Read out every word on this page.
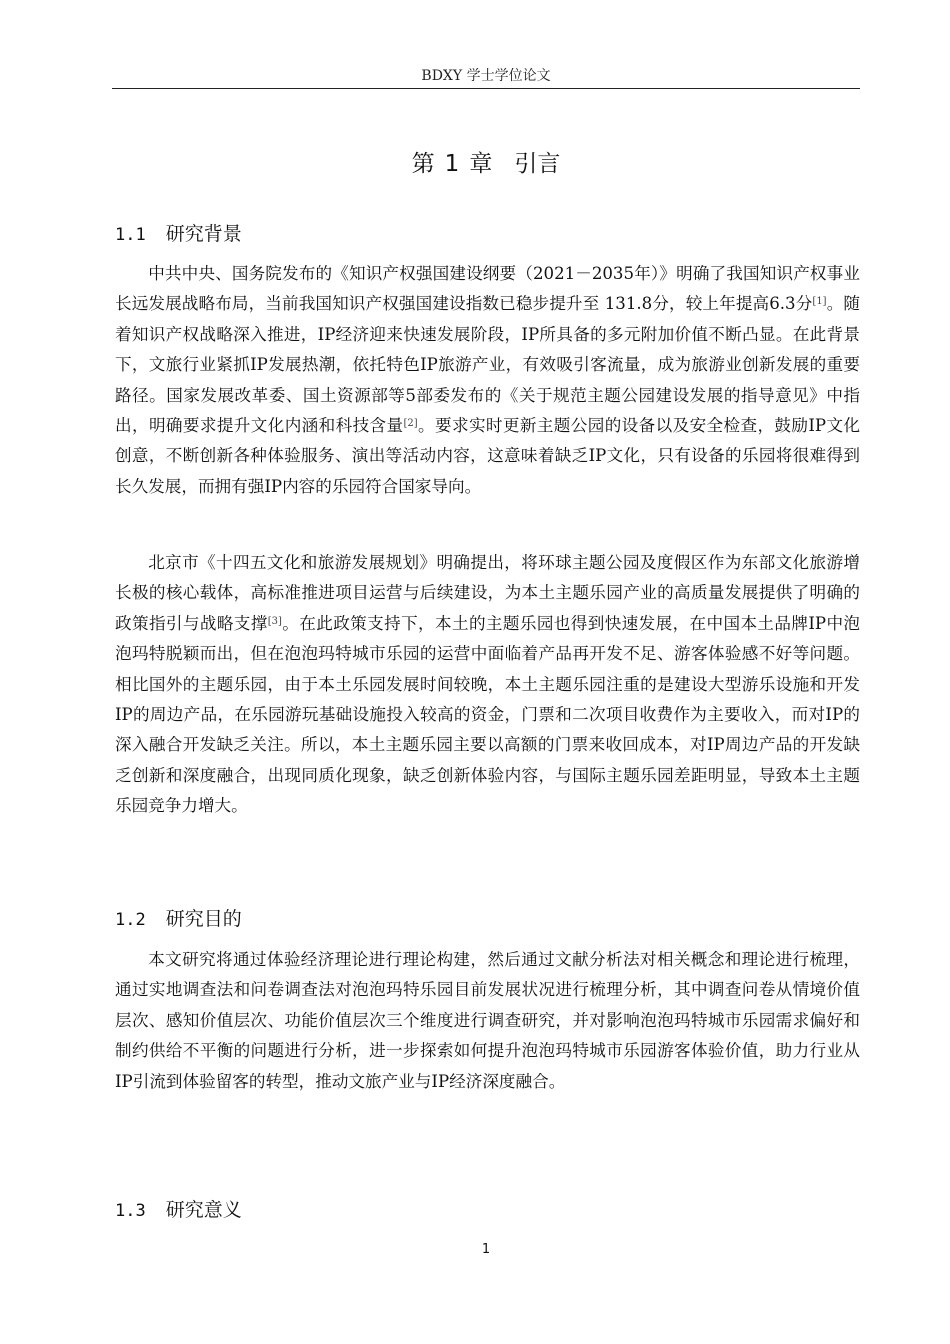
BDXY 学士学位论文
第 1 章 引言
1.1 研究背景

中共中央、国务院发布的《知识产权强国建设纲要（2021－2035年）》明确了我国知识产权事业长远发展战略布局，当前我国知识产权强国建设指数已稳步提升至 131.8分，较上年提高6.3分[1]。随着知识产权战略深入推进，IP经济迎来快速发展阶段，IP所具备的多元附加价值不断凸显。在此背景下，文旅行业紧抓IP发展热潮，依托特色IP旅游产业，有效吸引客流量，成为旅游业创新发展的重要路径。国家发展改革委、国土资源部等5部委发布的《关于规范主题公园建设发展的指导意见》中指出，明确要求提升文化内涵和科技含量[2]。要求实时更新主题公园的设备以及安全检查，鼓励IP文化创意，不断创新各种体验服务、演出等活动内容，这意味着缺乏IP文化，只有设备的乐园将很难得到长久发展，而拥有强IP内容的乐园符合国家导向。

北京市《十四五文化和旅游发展规划》明确提出，将环球主题公园及度假区作为东部文化旅游增长极的核心载体，高标准推进项目运营与后续建设，为本土主题乐园产业的高质量发展提供了明确的政策指引与战略支撑[3]。在此政策支持下，本土的主题乐园也得到快速发展，在中国本土品牌IP中泡泡玛特脱颖而出，但在泡泡玛特城市乐园的运营中面临着产品再开发不足、游客体验感不好等问题。相比国外的主题乐园，由于本土乐园发展时间较晚，本土主题乐园注重的是建设大型游乐设施和开发IP的周边产品，在乐园游玩基础设施投入较高的资金，门票和二次项目收费作为主要收入，而对IP的深入融合开发缺乏关注。所以，本土主题乐园主要以高额的门票来收回成本，对IP周边产品的开发缺乏创新和深度融合，出现同质化现象，缺乏创新体验内容，与国际主题乐园差距明显，导致本土主题乐园竞争力增大。

1.2 研究目的

本文研究将通过体验经济理论进行理论构建，然后通过文献分析法对相关概念和理论进行梳理，通过实地调查法和问卷调查法对泡泡玛特乐园目前发展状况进行梳理分析，其中调查问卷从情境价值层次、感知价值层次、功能价值层次三个维度进行调查研究，并对影响泡泡玛特城市乐园需求偏好和制约供给不平衡的问题进行分析，进一步探索如何提升泡泡玛特城市乐园游客体验价值，助力行业从IP引流到体验留客的转型，推动文旅产业与IP经济深度融合。

1.3 研究意义
1
